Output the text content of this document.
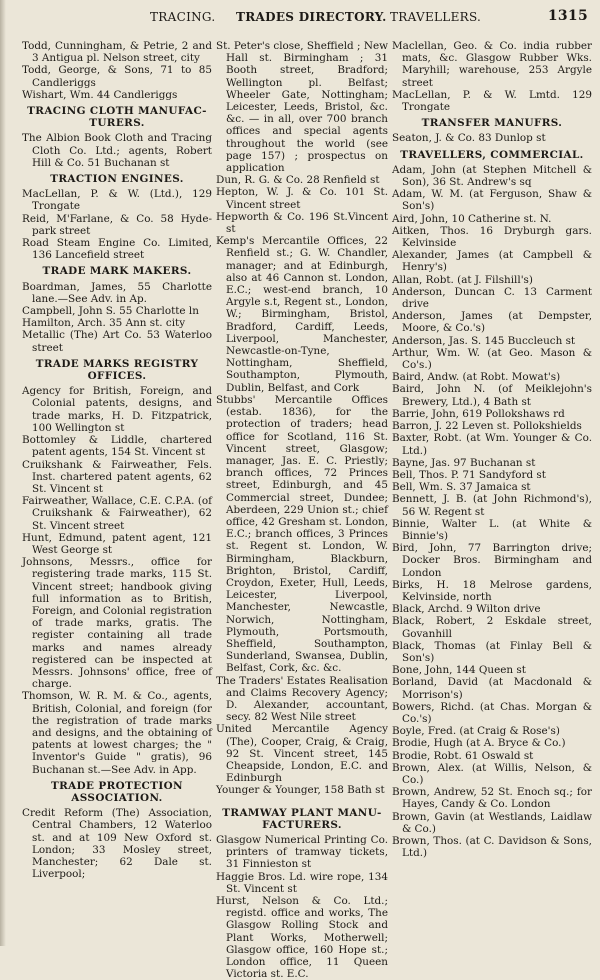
TRACING. TRADES DIRECTORY. TRAVELLERS.	1315
Todd, Cunningham, & Petrie, 2 and 3 Antigua pl. Nelson street, city
Todd, George, & Sons, 71 to 85 Candleriggs
Wishart, Wm. 44 Candleriggs
TRACING CLOTH MANUFAC-TURERS.
The Albion Book Cloth and Tracing Cloth Co. Ltd.; agents, Robert Hill & Co. 51 Buchanan st
TRACTION ENGINES.
MacLellan, P. & W. (Ltd.), 129 Trongate
Reid, M'Farlane, & Co. 58 Hyde-park street
Road Steam Engine Co. Limited, 136 Lancefield street
TRADE MARK MAKERS.
Boardman, James, 55 Charlotte lane.—See Adv. in Ap.
Campbell, John S. 55 Charlotte ln
Hamilton, Arch. 35 Ann st. city
Metallic (The) Art Co. 53 Waterloo street
TRADE MARKS REGISTRY OFFICES.
Agency for British, Foreign, and Colonial patents, designs, and trade marks, H. D. Fitzpatrick, 100 Wellington st
Bottomley & Liddle, chartered patent agents, 154 St. Vincent st
Cruikshank & Fairweather, Fels. Inst. chartered patent agents, 62 St. Vincent st
Fairweather, Wallace, C.E. C.P.A. (of Cruikshank & Fairweather), 62 St. Vincent street
Hunt, Edmund, patent agent, 121 West George st
Johnsons, Messrs., office for registering trade marks, 115 St. Vincent street; handbook giving full information as to British, Foreign, and Colonial registration of trade marks, gratis. The register containing all trade marks and names already registered can be inspected at Messrs. Johnsons' office, free of charge.
Thomson, W. R. M. & Co., agents, British, Colonial, and foreign (for the registration of trade marks and designs, and the obtaining of patents at lowest charges; the " Inventor's Guide " gratis), 96 Buchanan st.—See Adv. in App.
TRADE PROTECTION ASSOCIATION.
Credit Reform (The) Association, Central Chambers, 12 Waterloo st. and at 109 New Oxford st. London; 33 Mosley street, Manchester; 62 Dale st. Liverpool;
St. Peter's close, Sheffield ; New Hall st. Birmingham ; 31 Booth street, Bradford; Wellington pl. Belfast; Wheeler Gate, Nottingham; Leicester, Leeds, Bristol, &c. &c. — in all, over 700 branch offices and special agents throughout the world (see page 157) ; prospectus on application
Dun, R. G. & Co. 28 Renfield st
Hepton, W. J. & Co. 101 St. Vincent street
Hepworth & Co. 196 St.Vincent st
Kemp's Mercantile Offices, 22 Renfield st.; G. W. Chandler, manager; and at Edinburgh, also at 46 Cannon st. London, E.C.; west-end branch, 10 Argyle s.t, Regent st., London, W.; Birmingham, Bristol, Bradford, Cardiff, Leeds, Liverpool, Manchester, Newcastle-on-Tyne, Nottingham, Sheffield, Southampton, Plymouth, Dublin, Belfast, and Cork
Stubbs' Mercantile Offices (estab. 1836), for the protection of traders; head office for Scotland, 116 St. Vincent street, Glasgow; manager, Jas. E. C. Priestly; branch offices, 72 Princes street, Edinburgh, and 45 Commercial street, Dundee; Aberdeen, 229 Union st.; chief office, 42 Gresham st. London, E.C.; branch offices, 3 Princes st. Regent st. London, W. Birmingham, Blackburn, Brighton, Bristol, Cardiff, Croydon, Exeter, Hull, Leeds, Leicester, Liverpool, Manchester, Newcastle, Norwich, Nottingham, Plymouth, Portsmouth, Sheffield, Southampton, Sunderland, Swansea, Dublin, Belfast, Cork, &c. &c.
The Traders' Estates Realisation and Claims Recovery Agency; D. Alexander, accountant, secy. 82 West Nile street
United Mercantile Agency (The), Cooper, Craig, & Craig, 92 St. Vincent street, 145 Cheapside, London, E.C. and Edinburgh
Younger & Younger, 158 Bath st
TRAMWAY PLANT MANU-FACTURERS.
Glasgow Numerical Printing Co. printers of tramway tickets, 31 Finnieston st
Haggie Bros. Ld. wire rope, 134 St. Vincent st
Hurst, Nelson & Co. Ltd.; registd. office and works, The Glasgow Rolling Stock and Plant Works, Motherwell; Glasgow office, 160 Hope st.; London office, 11 Queen Victoria st. E.C.
Maclellan, Geo. & Co. india rubber mats, &c. Glasgow Rubber Wks. Maryhill; warehouse, 253 Argyle street
MacLellan, P. & W. Lmtd. 129 Trongate
TRANSFER MANUFRS.
Seaton, J. & Co. 83 Dunlop st
TRAVELLERS, COMMERCIAL.
Adam, John (at Stephen Mitchell & Son), 36 St. Andrew's sq
Adam, W. M. (at Ferguson, Shaw & Son's)
Aird, John, 10 Catherine st. N.
Aitken, Thos. 16 Dryburgh gars. Kelvinside
Alexander, James (at Campbell & Henry's)
Allan, Robt. (at J. Filshill's)
Anderson, Duncan C. 13 Carment drive
Anderson, James (at Dempster, Moore, & Co.'s)
Anderson, Jas. S. 145 Buccleuch st
Arthur, Wm. W. (at Geo. Mason & Co's.)
Baird, Andw. (at Robt. Mowat's)
Baird, John N. (of Meiklejohn's Brewery, Ltd.), 4 Bath st
Barrie, John, 619 Pollokshaws rd
Barron, J. 22 Leven st. Pollokshields
Baxter, Robt. (at Wm. Younger & Co. Ltd.)
Bayne, Jas. 97 Buchanan st
Bell, Thos. P. 71 Sandyford st
Bell, Wm. S. 37 Jamaica st
Bennett, J. B. (at John Richmond's), 56 W. Regent st
Binnie, Walter L. (at White & Binnie's)
Bird, John, 77 Barrington drive; Docker Bros. Birmingham and London
Birks, H. 18 Melrose gardens, Kelvinside, north
Black, Archd. 9 Wilton drive
Black, Robert, 2 Eskdale street, Govanhill
Black, Thomas (at Finlay Bell & Son's)
Bone, John, 144 Queen st
Borland, David (at Macdonald & Morrison's)
Bowers, Richd. (at Chas. Morgan & Co.'s)
Boyle, Fred. (at Craig & Rose's)
Brodie, Hugh (at A. Bryce & Co.)
Brodie, Robt. 61 Oswald st
Brown, Alex. (at Willis, Nelson, & Co.)
Brown, Andrew, 52 St. Enoch sq.; for Hayes, Candy & Co. London
Brown, Gavin (at Westlands, Laidlaw & Co.)
Brown, Thos. (at C. Davidson & Sons, Ltd.)
